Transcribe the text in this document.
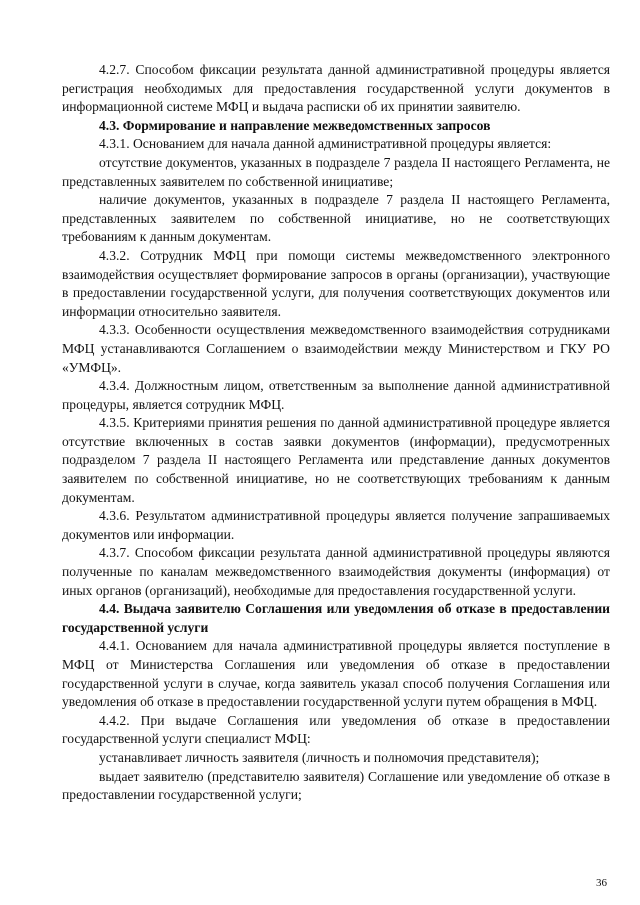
4.2.7. Способом фиксации результата данной административной процедуры является регистрация необходимых для предоставления государственной услуги документов в информационной системе МФЦ и выдача расписки об их принятии заявителю.

4.3. Формирование и направление межведомственных запросов

4.3.1. Основанием для начала данной административной процедуры является:

отсутствие документов, указанных в подразделе 7 раздела II настоящего Регламента, не представленных заявителем по собственной инициативе;

наличие документов, указанных в подразделе 7 раздела II настоящего Регламента, представленных заявителем по собственной инициативе, но не соответствующих требованиям к данным документам.

4.3.2. Сотрудник МФЦ при помощи системы межведомственного электронного взаимодействия осуществляет формирование запросов в органы (организации), участвующие в предоставлении государственной услуги, для получения соответствующих документов или информации относительно заявителя.

4.3.3. Особенности осуществления межведомственного взаимодействия сотрудниками МФЦ устанавливаются Соглашением о взаимодействии между Министерством и ГКУ РО «УМФЦ».

4.3.4. Должностным лицом, ответственным за выполнение данной административной процедуры, является сотрудник МФЦ.

4.3.5. Критериями принятия решения по данной административной процедуре является отсутствие включенных в состав заявки документов (информации), предусмотренных подразделом 7 раздела II настоящего Регламента или представление данных документов заявителем по собственной инициативе, но не соответствующих требованиям к данным документам.

4.3.6. Результатом административной процедуры является получение запрашиваемых документов или информации.

4.3.7. Способом фиксации результата данной административной процедуры являются полученные по каналам межведомственного взаимодействия документы (информация) от иных органов (организаций), необходимые для предоставления государственной услуги.

4.4. Выдача заявителю Соглашения или уведомления об отказе в предоставлении государственной услуги

4.4.1. Основанием для начала административной процедуры является поступление в МФЦ от Министерства Соглашения или уведомления об отказе в предоставлении государственной услуги в случае, когда заявитель указал способ получения Соглашения или уведомления об отказе в предоставлении государственной услуги путем обращения в МФЦ.

4.4.2. При выдаче Соглашения или уведомления об отказе в предоставлении государственной услуги специалист МФЦ:

устанавливает личность заявителя (личность и полномочия представителя);

выдает заявителю (представителю заявителя) Соглашение или уведомление об отказе в предоставлении государственной услуги;

36
